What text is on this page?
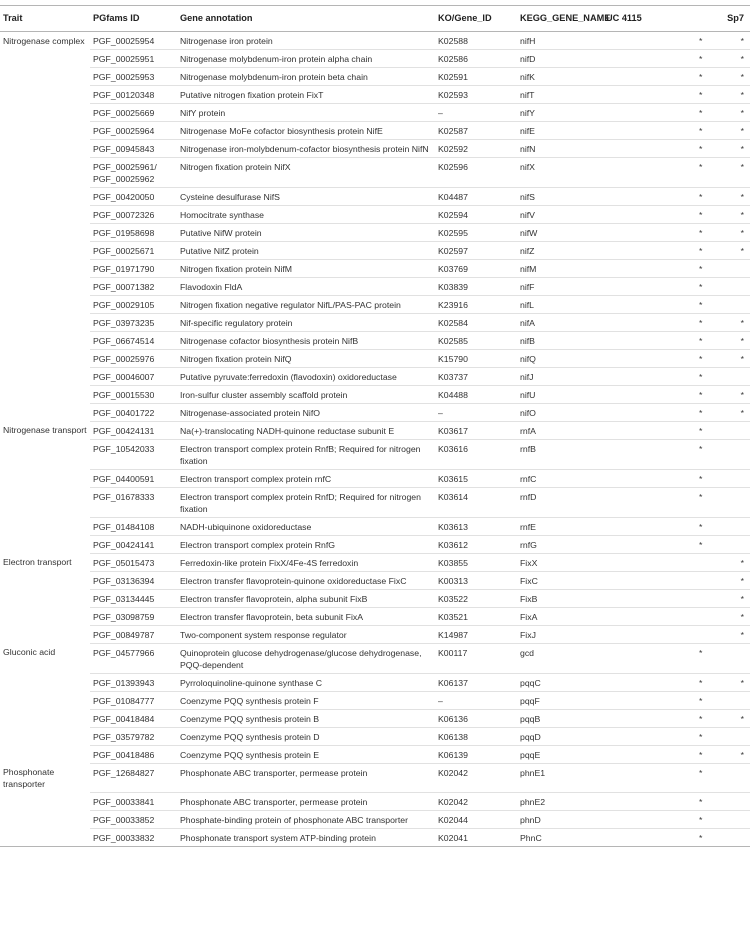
Trait	PGfams ID	Gene annotation	KO/Gene_ID	KEGG_GENE_NAME	UC 4115	Sp7
Nitrogenase complex	PGF_00025954	Nitrogenase iron protein	K02588	nifH	*	*
	PGF_00025951	Nitrogenase molybdenum-iron protein alpha chain	K02586	nifD	*	*
	PGF_00025953	Nitrogenase molybdenum-iron protein beta chain	K02591	nifK	*	*
	PGF_00120348	Putative nitrogen fixation protein FixT	K02593	nifT	*	*
	PGF_00025669	NifY protein	–	nifY	*	*
	PGF_00025964	Nitrogenase MoFe cofactor biosynthesis protein NifE	K02587	nifE	*	*
	PGF_00945843	Nitrogenase iron-molybdenum-cofactor biosynthesis protein NifN	K02592	nifN	*	*
	PGF_00025961/ PGF_00025962	Nitrogen fixation protein NifX	K02596	nifX	*	*
	PGF_00420050	Cysteine desulfurase NifS	K04487	nifS	*	*
	PGF_00072326	Homocitrate synthase	K02594	nifV	*	*
	PGF_01958698	Putative NifW protein	K02595	nifW	*	*
	PGF_00025671	Putative NifZ protein	K02597	nifZ	*	*
	PGF_01971790	Nitrogen fixation protein NifM	K03769	nifM	*	
	PGF_00071382	Flavodoxin FldA	K03839	nifF	*	
	PGF_00029105	Nitrogen fixation negative regulator NifL/PAS-PAC protein	K23916	nifL	*	
	PGF_03973235	Nif-specific regulatory protein	K02584	nifA	*	*
	PGF_06674514	Nitrogenase cofactor biosynthesis protein NifB	K02585	nifB	*	*
	PGF_00025976	Nitrogen fixation protein NifQ	K15790	nifQ	*	*
	PGF_00046007	Putative pyruvate:ferredoxin (flavodoxin) oxidoreductase	K03737	nifJ	*	
	PGF_00015530	Iron-sulfur cluster assembly scaffold protein	K04488	nifU	*	*
	PGF_00401722	Nitrogenase-associated protein NifO	–	nifO	*	*
Nitrogenase transport	PGF_00424131	Na(+)-translocating NADH-quinone reductase subunit E	K03617	rnfA	*	
	PGF_10542033	Electron transport complex protein RnfB; Required for nitrogen fixation	K03616	rnfB	*	
	PGF_04400591	Electron transport complex protein rnfC	K03615	rnfC	*	
	PGF_01678333	Electron transport complex protein RnfD; Required for nitrogen fixation	K03614	rnfD	*	
	PGF_01484108	NADH-ubiquinone oxidoreductase	K03613	rnfE	*	
	PGF_00424141	Electron transport complex protein RnfG	K03612	rnfG	*	
Electron transport	PGF_05015473	Ferredoxin-like protein FixX/4Fe-4S ferredoxin	K03855	FixX		*
	PGF_03136394	Electron transfer flavoprotein-quinone oxidoreductase FixC	K00313	FixC		*
	PGF_03134445	Electron transfer flavoprotein, alpha subunit FixB	K03522	FixB		*
	PGF_03098759	Electron transfer flavoprotein, beta subunit FixA	K03521	FixA		*
	PGF_00849787	Two-component system response regulator	K14987	FixJ		*
Gluconic acid	PGF_04577966	Quinoprotein glucose dehydrogenase/glucose dehydrogenase, PQQ-dependent	K00117	gcd	*	
	PGF_01393943	Pyrroloquinoline-quinone synthase C	K06137	pqqC	*	*
	PGF_01084777	Coenzyme PQQ synthesis protein F	–	pqqF	*	
	PGF_00418484	Coenzyme PQQ synthesis protein B	K06136	pqqB	*	*
	PGF_03579782	Coenzyme PQQ synthesis protein D	K06138	pqqD	*	
	PGF_00418486	Coenzyme PQQ synthesis protein E	K06139	pqqE	*	*
Phosphonate transporter	PGF_12684827	Phosphonate ABC transporter, permease protein	K02042	phnE1	*	
	PGF_00033841	Phosphonate ABC transporter, permease protein	K02042	phnE2	*	
	PGF_00033852	Phosphate-binding protein of phosphonate ABC transporter	K02044	phnD	*	
	PGF_00033832	Phosphonate transport system ATP-binding protein	K02041	PhnC	*	
